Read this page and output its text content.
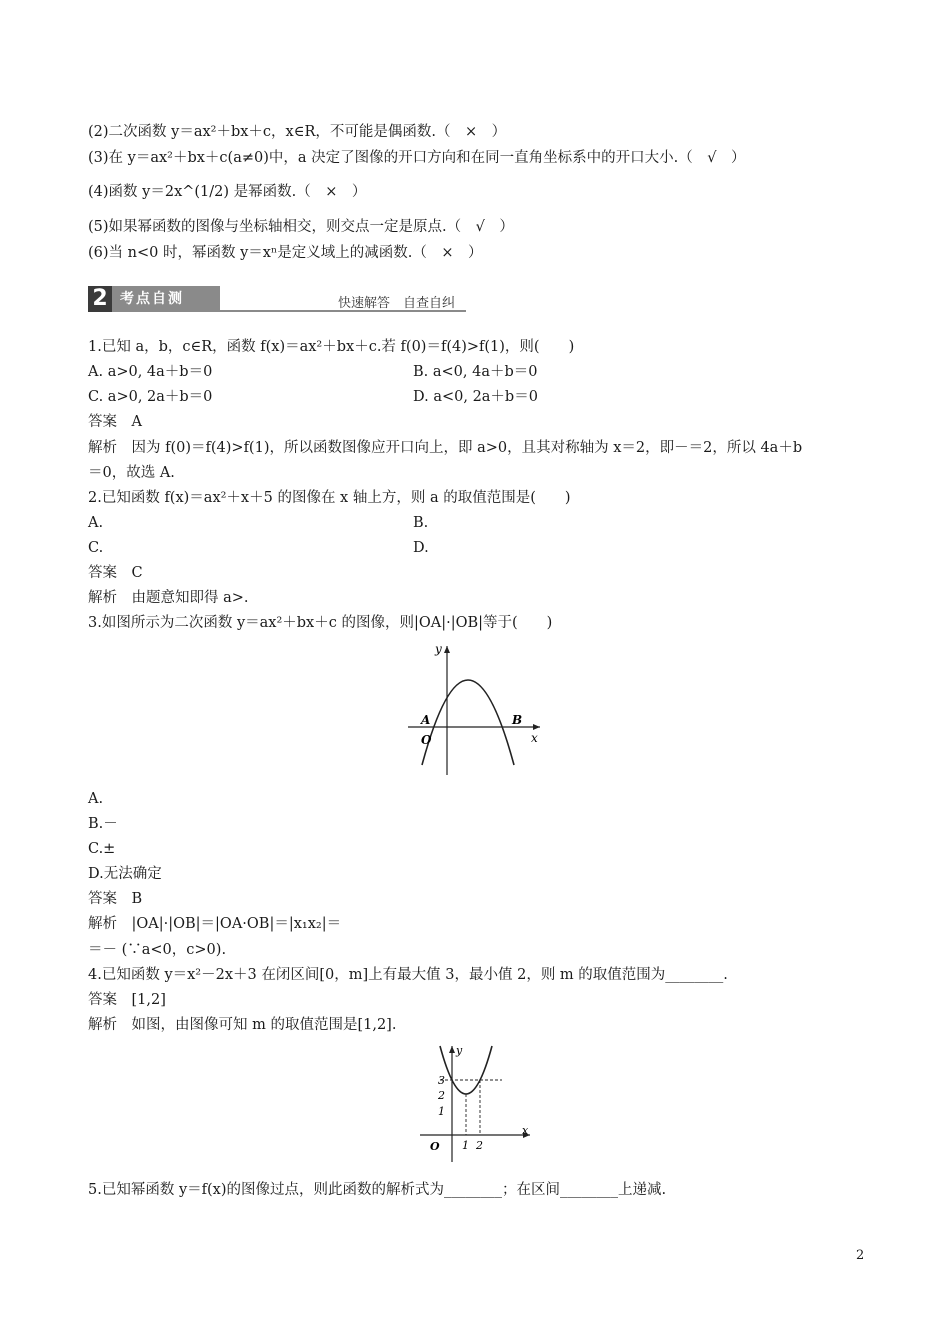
(2)二次函数 y＝ax²＋bx＋c，x∈R，不可能是偶函数.（　×　）
(3)在 y＝ax²＋bx＋c(a≠0)中，a 决定了图像的开口方向和在同一直角坐标系中的开口大小.（　√　）
(4)函数 y＝2x^(1/2) 是幂函数.（　×　）
(5)如果幂函数的图像与坐标轴相交，则交点一定是原点.（　√　）
(6)当 n<0 时，幂函数 y＝xⁿ是定义域上的减函数.（　×　）
2 考点自测	快速解答　自查自纠
1.已知 a，b，c∈R，函数 f(x)＝ax²＋bx＋c.若 f(0)＝f(4)>f(1)，则(　　)
A. a>0, 4a＋b＝0	B. a<0, 4a＋b＝0
C. a>0, 2a＋b＝0	D. a<0, 2a＋b＝0
答案　A
解析　因为 f(0)＝f(4)>f(1)，所以函数图像应开口向上，即 a>0，且其对称轴为 x＝2，即－＝2，所以 4a＋b
＝0，故选 A.
2.已知函数 f(x)＝ax²＋x＋5 的图像在 x 轴上方，则 a 的取值范围是(　　)
A.	B.
C.	D.
答案　C
解析　由题意知即得 a>.
3.如图所示为二次函数 y＝ax²＋bx＋c 的图像，则|OA|·|OB|等于(　　)
y
x
A	B
O
A.
B.－
C.±
D.无法确定
答案　B
解析　|OA|·|OB|＝|OA·OB|＝|x₁x₂|＝
＝－ (∵a<0，c>0).
4.已知函数 y＝x²－2x＋3 在闭区间[0，m]上有最大值 3，最小值 2，则 m 的取值范围为________.
答案　[1,2]
解析　如图，由图像可知 m 的取值范围是[1,2].
y
x
O
3
2
1
1 2
5.已知幂函数 y＝f(x)的图像过点，则此函数的解析式为________；在区间________上递减.
2
